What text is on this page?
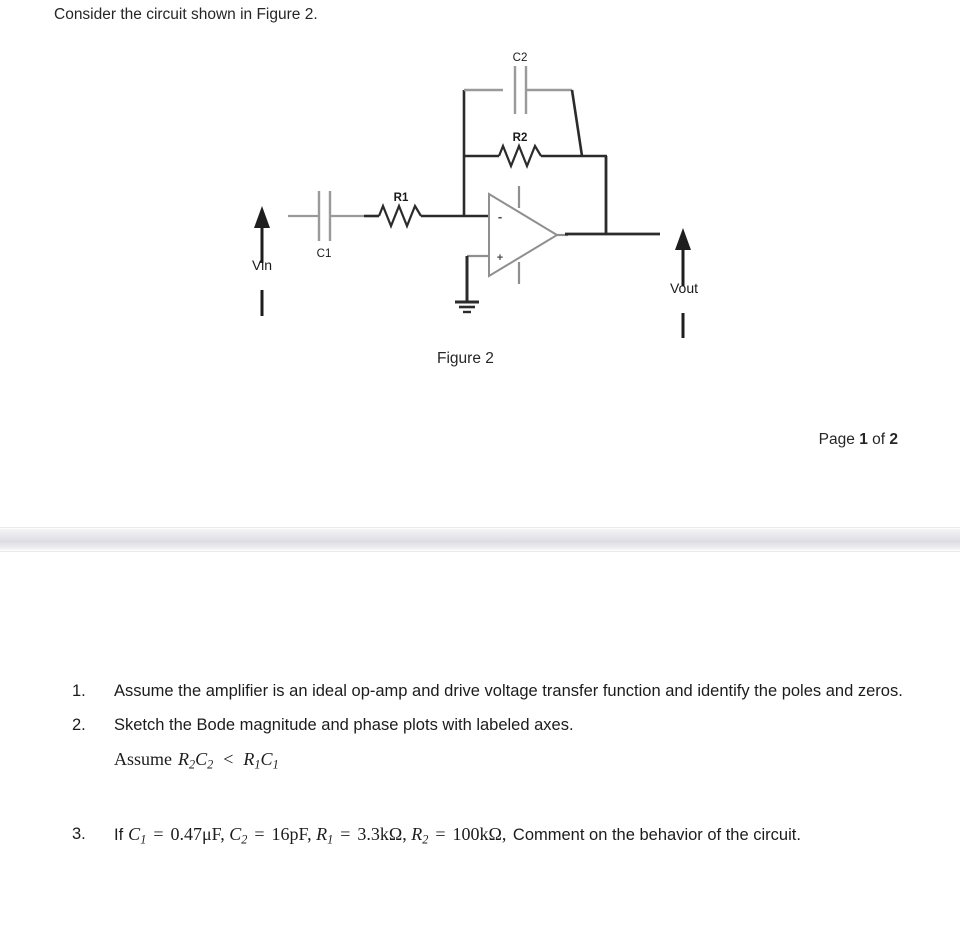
Consider the circuit shown in Figure 2.
C2
R2
R1
C1
Vin
Vout
-
+
Figure 2
Page 1 of 2
1.	Assume the amplifier is an ideal op-amp and drive voltage transfer function and identify the poles and zeros.
2.	Sketch the Bode magnitude and phase plots with labeled axes.
Assume R2C2 < R1C1
3.	If C1 = 0.47μF, C2 = 16pF, R1 = 3.3kΩ, R2 = 100kΩ, Comment on the behavior of the circuit.
